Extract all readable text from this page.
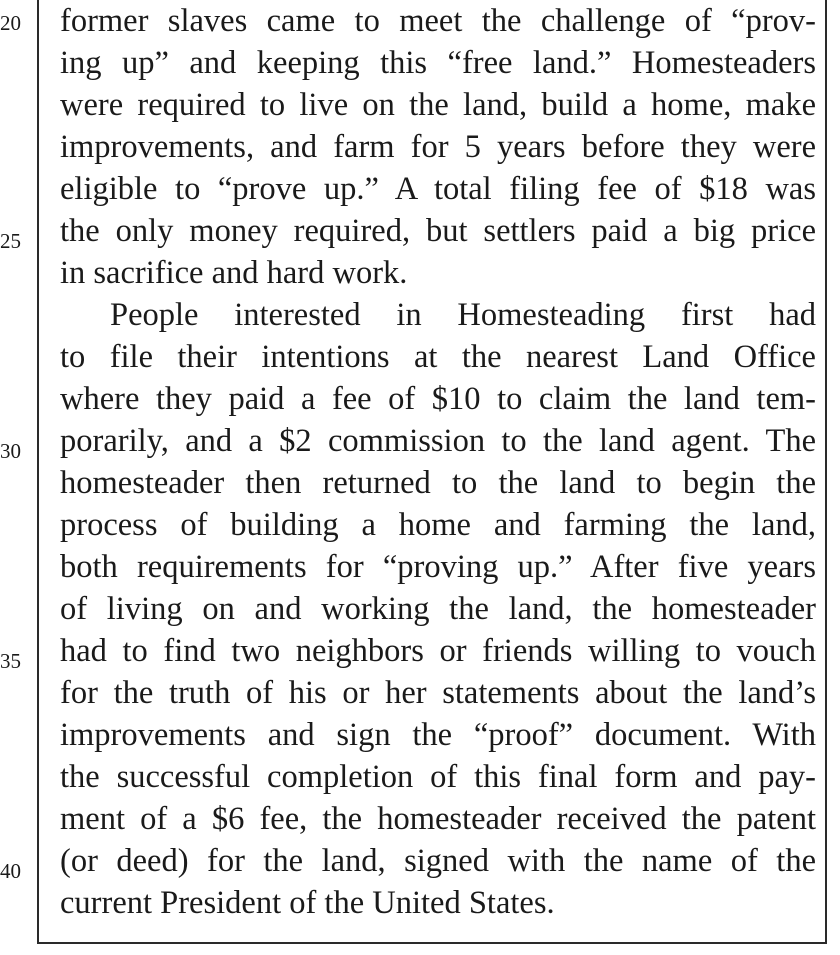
20
25
30
35
40
former slaves came to meet the challenge of “prov-
ing up” and keeping this “free land.” Homesteaders
were required to live on the land, build a home, make
improvements, and farm for 5 years before they were
eligible to “prove up.” A total filing fee of $18 was
the only money required, but settlers paid a big price
in sacrifice and hard work.
People interested in Homesteading first had
to file their intentions at the nearest Land Office
where they paid a fee of $10 to claim the land tem-
porarily, and a $2 commission to the land agent. The
homesteader then returned to the land to begin the
process of building a home and farming the land,
both requirements for “proving up.” After five years
of living on and working the land, the homesteader
had to find two neighbors or friends willing to vouch
for the truth of his or her statements about the land’s
improvements and sign the “proof” document. With
the successful completion of this final form and pay-
ment of a $6 fee, the homesteader received the patent
(or deed) for the land, signed with the name of the
current President of the United States.
